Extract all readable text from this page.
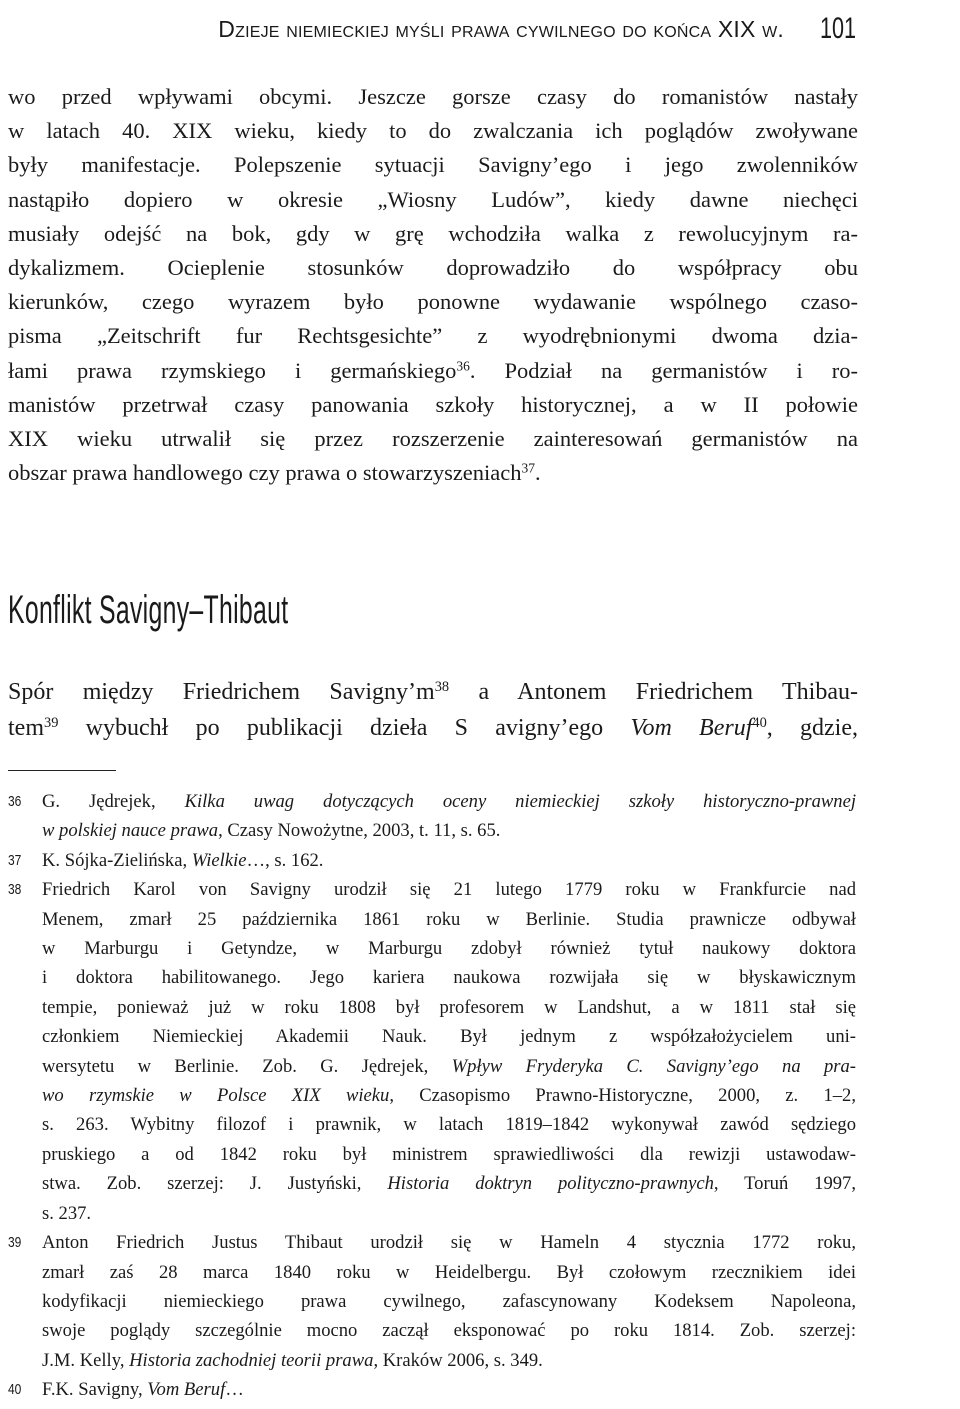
Dzieje niemieckiej myśli prawa cywilnego do końca XIX w. 101
wo przed wpływami obcymi. Jeszcze gorsze czasy do romanistów nastały
w latach 40. XIX wieku, kiedy to do zwalczania ich poglądów zwoływane
były manifestacje. Polepszenie sytuacji Savigny’ego i jego zwolenników
nastąpiło dopiero w okresie „Wiosny Ludów”, kiedy dawne niechęci
musiały odejść na bok, gdy w grę wchodziła walka z rewolucyjnym ra-
dykalizmem. Ocieplenie stosunków doprowadziło do współpracy obu
kierunków, czego wyrazem było ponowne wydawanie wspólnego czaso-
pisma „Zeitschrift fur Rechtsgesichte” z wyodrębnionymi dwoma dzia-
łami prawa rzymskiego i germańskiego$^{36}$. Podział na germanistów i ro-
manistów przetrwał czasy panowania szkoły historycznej, a w II połowie
XIX wieku utrwalił się przez rozszerzenie zainteresowań germanistów na
obszar prawa handlowego czy prawa o stowarzyszeniach$^{37}$.
Konflikt Savigny–Thibaut
Spór między Friedrichem $Savigny’m^{38}$ a Antonem Friedrichem Thibau-
tem$^{39}$ wybuchł po publikacji dzieła S avigny’ego Vom Beruf$^{40}$, gdzie,
36 G. Jędrejek, Kilka uwag dotyczących oceny niemieckiej szkoły historyczno-prawnej
w polskiej nauce prawa, Czasy Nowożytne, 2003, t. 11, s. 65.
37 K. Sójka-Zielińska, Wielkie…, s. 162.
38 Friedrich Karol von Savigny urodził się 21 lutego 1779 roku w Frankfurcie nad
Menem, zmarł 25 października 1861 roku w Berlinie. Studia prawnicze odbywał
w Marburgu i Getyndze, w Marburgu zdobył również tytuł naukowy doktora
i doktora habilitowanego. Jego kariera naukowa rozwijała się w błyskawicznym
tempie, ponieważ już w roku 1808 był profesorem w Landshut, a w 1811 stał się
członkiem Niemieckiej Akademii Nauk. Był jednym z współzałożycielem uni-
wersytetu w Berlinie. Zob. G. Jędrejek, Wpływ Fryderyka C. Savigny’ego na pra-
wo rzymskie w Polsce XIX wieku, Czasopismo Prawno-Historyczne, 2000, z. 1–2,
s. 263. Wybitny filozof i prawnik, w latach 1819–1842 wykonywał zawód sędziego
pruskiego a od 1842 roku był ministrem sprawiedliwości dla rewizji ustawodaw-
stwa. Zob. szerzej: J. Justyński, Historia doktryn polityczno-prawnych, Toruń 1997,
s. 237.
39 Anton Friedrich Justus Thibaut urodził się w Hameln 4 stycznia 1772 roku,
zmarł zaś 28 marca 1840 roku w Heidelbergu. Był czołowym rzecznikiem idei
kodyfikacji niemieckiego prawa cywilnego, zafascynowany Kodeksem Napoleona,
swoje poglądy szczególnie mocno zaczął eksponować po roku 1814. Zob. szerzej:
J.M. Kelly, Historia zachodniej teorii prawa, Kraków 2006, s. 349.
40 F.K. Savigny, Vom Beruf…
